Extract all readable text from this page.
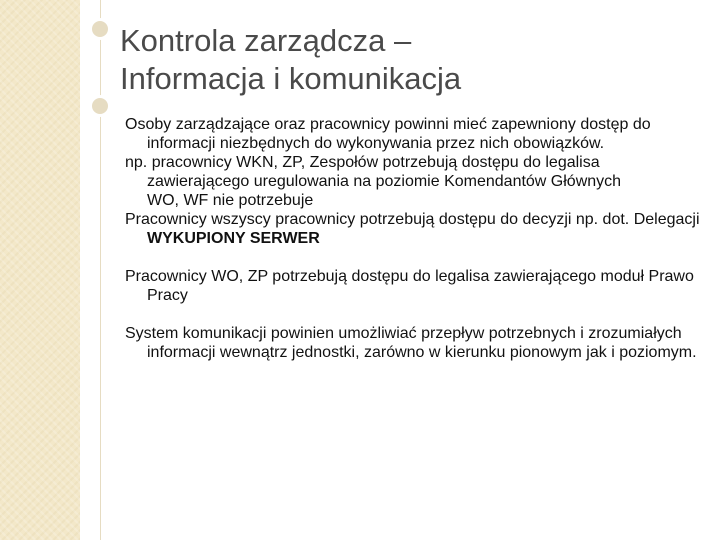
Kontrola zarządcza –
Informacja i komunikacja

Osoby zarządzające oraz pracownicy powinni mieć zapewniony dostęp do informacji niezbędnych do wykonywania przez nich obowiązków.

np. pracownicy WKN, ZP, Zespołów potrzebują dostępu do legalisa zawierającego uregulowania na poziomie Komendantów Głównych

WO, WF nie potrzebuje

Pracownicy wszyscy pracownicy potrzebują dostępu do decyzji np. dot. Delegacji WYKUPIONY SERWER

Pracownicy WO, ZP potrzebują dostępu do legalisa zawierającego moduł Prawo Pracy

System komunikacji powinien umożliwiać przepływ potrzebnych i zrozumiałych informacji wewnątrz jednostki, zarówno w kierunku pionowym jak i poziomym.
